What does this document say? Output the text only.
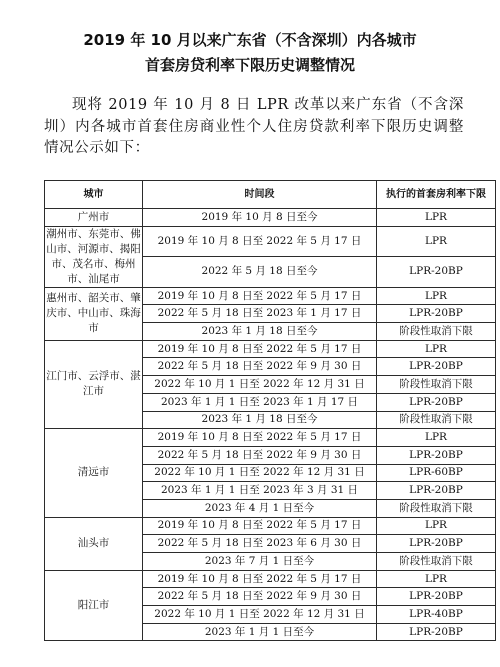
2019 年 10 月以来广东省（不含深圳）内各城市
首套房贷利率下限历史调整情况
现将 2019 年 10 月 8 日 LPR 改革以来广东省（不含深圳）内各城市首套住房商业性个人住房贷款利率下限历史调整情况公示如下：
城市	时间段	执行的首套房利率下限
广州市	2019 年 10 月 8 日至今	LPR
潮州市、东莞市、佛山市、河源市、揭阳市、茂名市、梅州市、汕尾市	2019 年 10 月 8 日至 2022 年 5 月 17 日	LPR
	2022 年 5 月 18 日至今	LPR-20BP
惠州市、韶关市、肇庆市、中山市、珠海市	2019 年 10 月 8 日至 2022 年 5 月 17 日	LPR
	2022 年 5 月 18 日至 2023 年 1 月 17 日	LPR-20BP
	2023 年 1 月 18 日至今	阶段性取消下限
江门市、云浮市、湛江市	2019 年 10 月 8 日至 2022 年 5 月 17 日	LPR
	2022 年 5 月 18 日至 2022 年 9 月 30 日	LPR-20BP
	2022 年 10 月 1 日至 2022 年 12 月 31 日	阶段性取消下限
	2023 年 1 月 1 日至 2023 年 1 月 17 日	LPR-20BP
	2023 年 1 月 18 日至今	阶段性取消下限
清远市	2019 年 10 月 8 日至 2022 年 5 月 17 日	LPR
	2022 年 5 月 18 日至 2022 年 9 月 30 日	LPR-20BP
	2022 年 10 月 1 日至 2022 年 12 月 31 日	LPR-60BP
	2023 年 1 月 1 日至 2023 年 3 月 31 日	LPR-20BP
	2023 年 4 月 1 日至今	阶段性取消下限
汕头市	2019 年 10 月 8 日至 2022 年 5 月 17 日	LPR
	2022 年 5 月 18 日至 2023 年 6 月 30 日	LPR-20BP
	2023 年 7 月 1 日至今	阶段性取消下限
阳江市	2019 年 10 月 8 日至 2022 年 5 月 17 日	LPR
	2022 年 5 月 18 日至 2022 年 9 月 30 日	LPR-20BP
	2022 年 10 月 1 日至 2022 年 12 月 31 日	LPR-40BP
	2023 年 1 月 1 日至今	LPR-20BP
